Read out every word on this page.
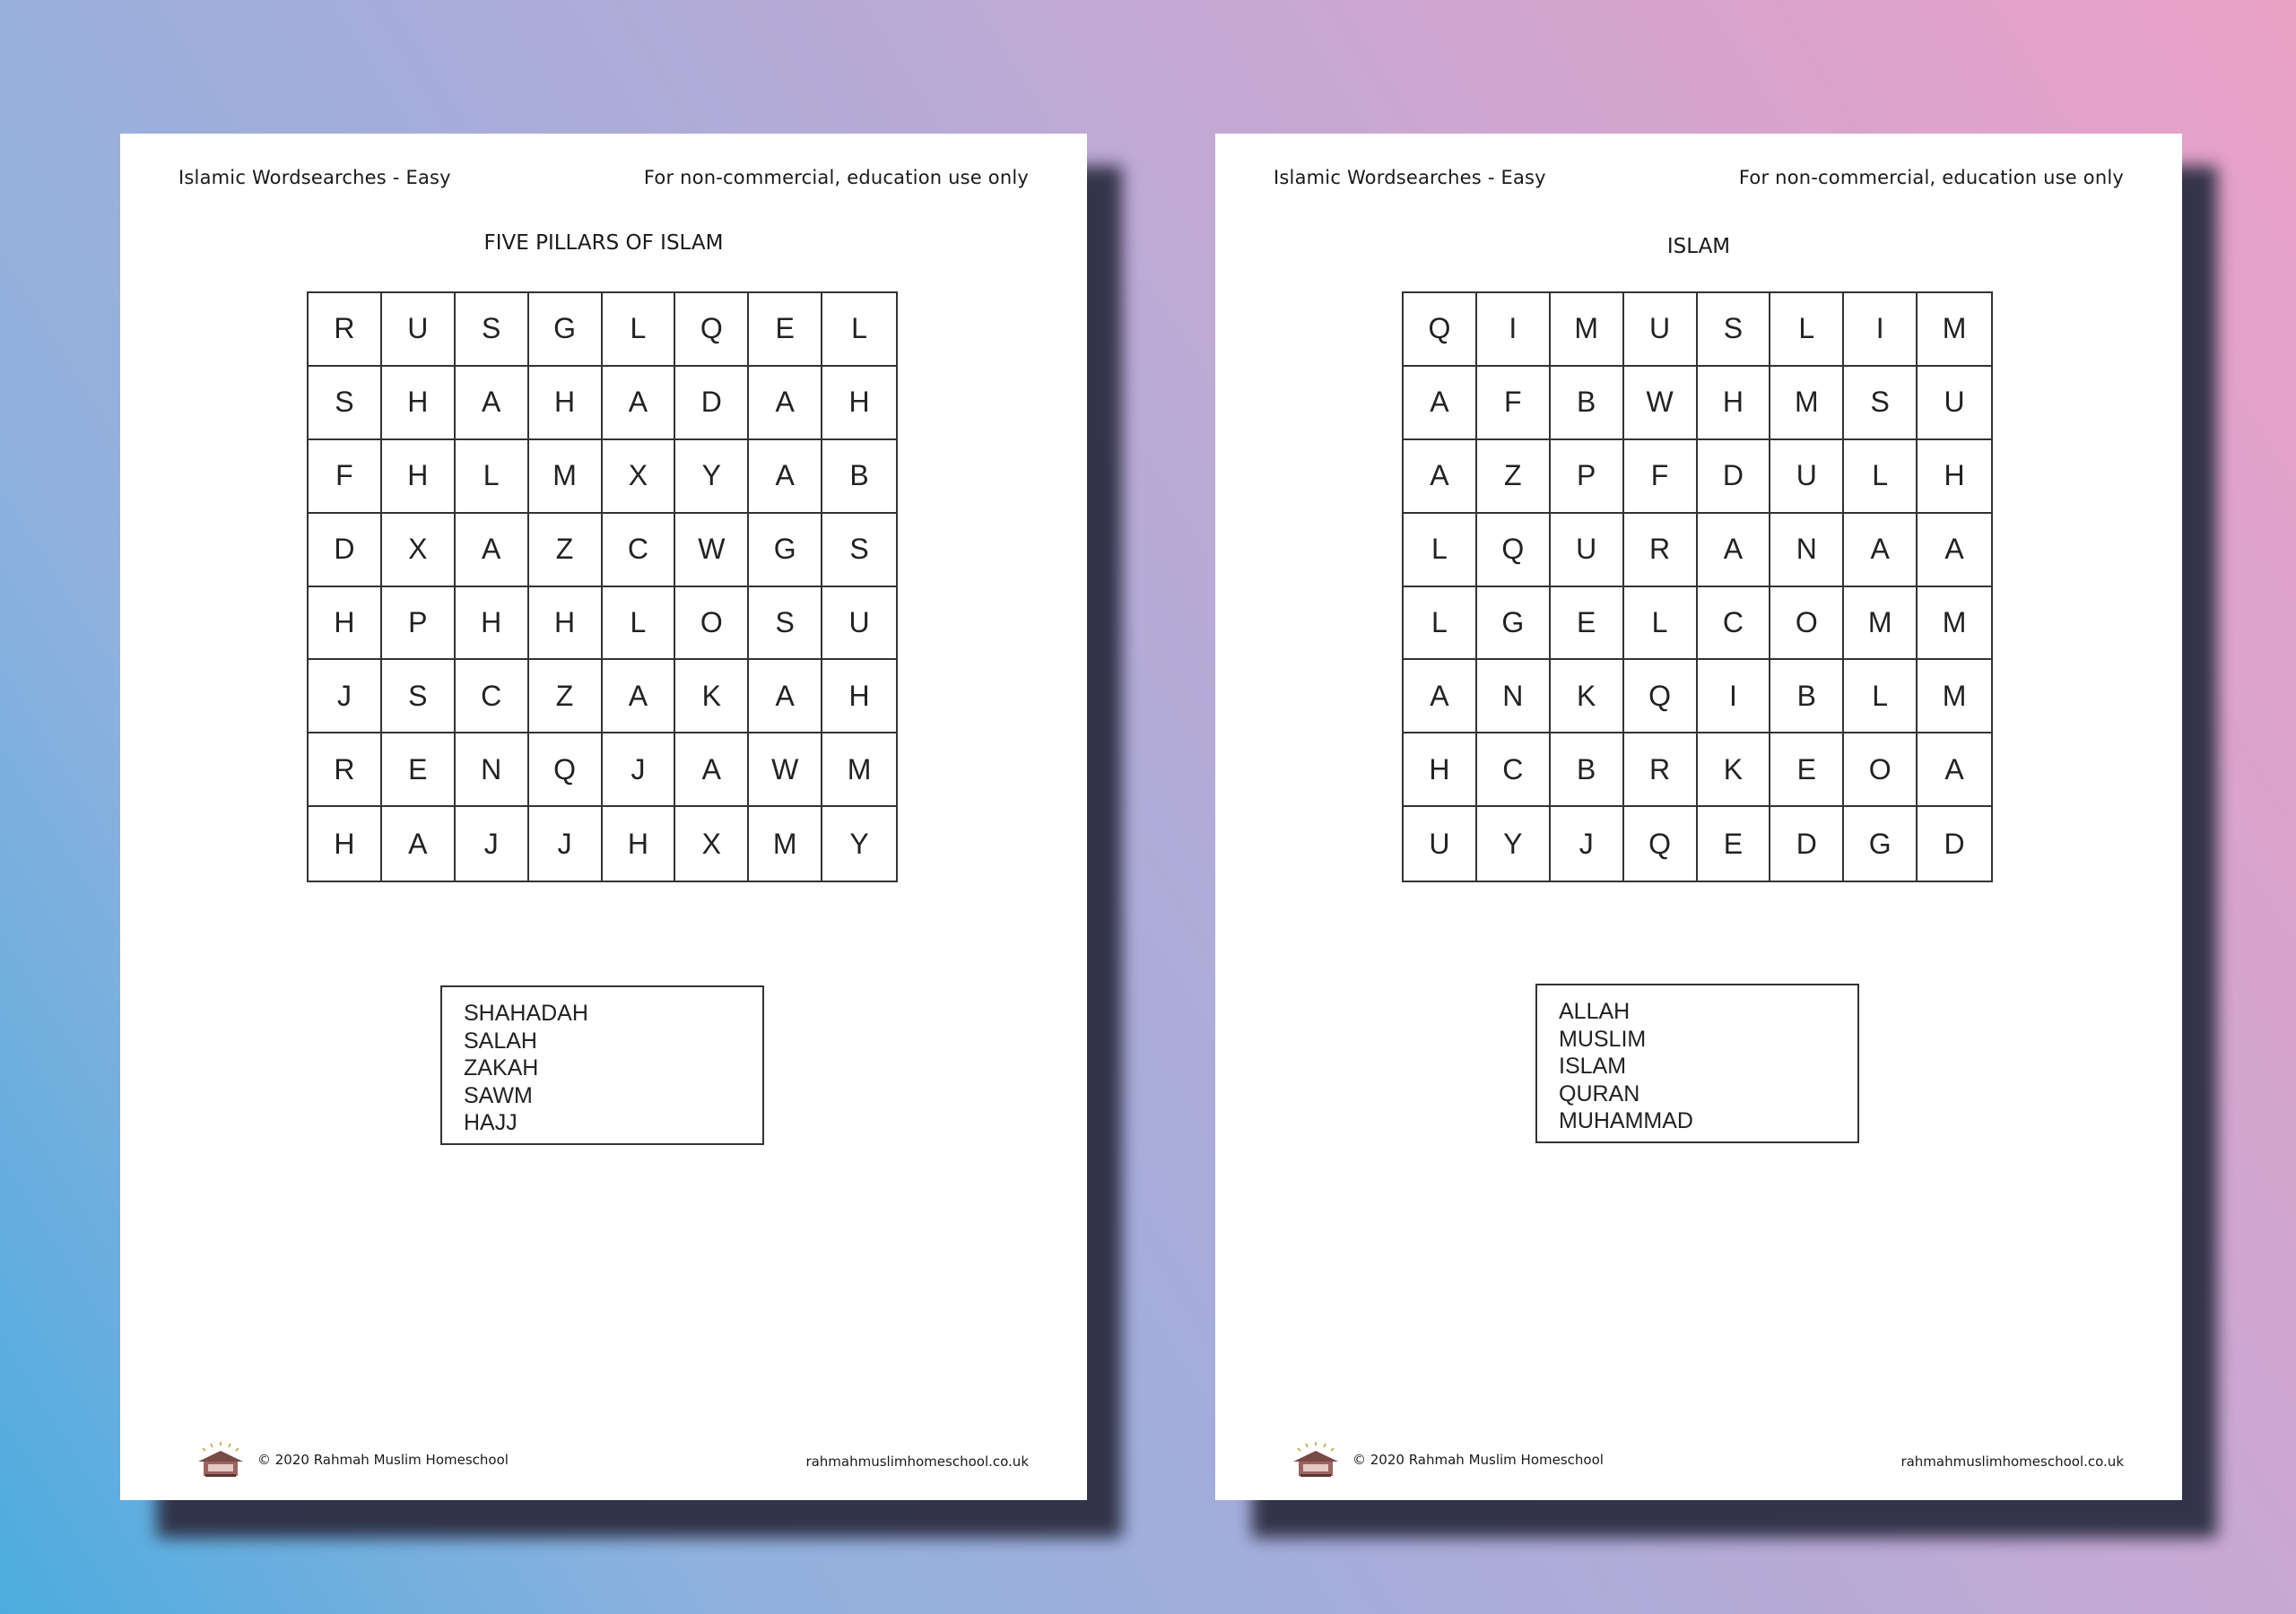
Islamic Wordsearches - Easy	For non-commercial, education use only
FIVE PILLARS OF ISLAM
R	U	S	G	L	Q	E	L
S	H	A	H	A	D	A	H
F	H	L	M	X	Y	A	B
D	X	A	Z	C	W	G	S
H	P	H	H	L	O	S	U
J	S	C	Z	A	K	A	H
R	E	N	Q	J	A	W	M
H	A	J	J	H	X	M	Y
SHAHADAH
SALAH
ZAKAH
SAWM
HAJJ
© 2020 Rahmah Muslim Homeschool	rahmahmuslimhomeschool.co.uk
Islamic Wordsearches - Easy	For non-commercial, education use only
ISLAM
Q	I	M	U	S	L	I	M
A	F	B	W	H	M	S	U
A	Z	P	F	D	U	L	H
L	Q	U	R	A	N	A	A
L	G	E	L	C	O	M	M
A	N	K	Q	I	B	L	M
H	C	B	R	K	E	O	A
U	Y	J	Q	E	D	G	D
ALLAH
MUSLIM
ISLAM
QURAN
MUHAMMAD
© 2020 Rahmah Muslim Homeschool	rahmahmuslimhomeschool.co.uk
